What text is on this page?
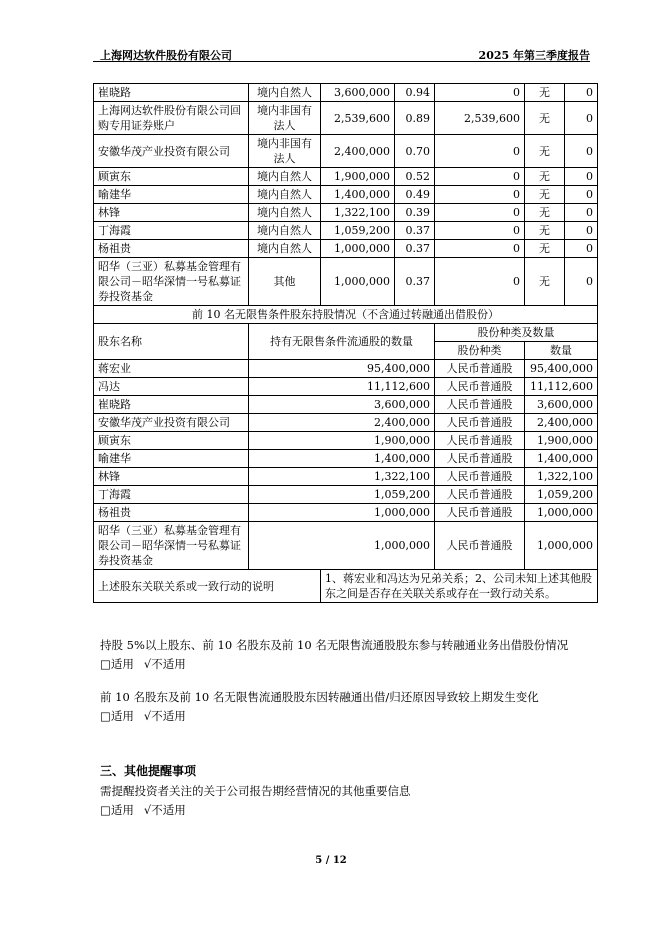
上海网达软件股份有限公司	2025 年第三季度报告
崔晓路	境内自然人	3,600,000	0.94	0	无	0
上海网达软件股份有限公司回购专用证券账户	境内非国有法人	2,539,600	0.89	2,539,600	无	0
安徽华茂产业投资有限公司	境内非国有法人	2,400,000	0.70	0	无	0
顾寅东	境内自然人	1,900,000	0.52	0	无	0
喻建华	境内自然人	1,400,000	0.49	0	无	0
林锋	境内自然人	1,322,100	0.39	0	无	0
丁海霞	境内自然人	1,059,200	0.37	0	无	0
杨祖贵	境内自然人	1,000,000	0.37	0	无	0
昭华（三亚）私募基金管理有限公司－昭华深情一号私募证券投资基金	其他	1,000,000	0.37	0	无	0
前 10 名无限售条件股东持股情况（不含通过转融通出借股份）						
股东名称	持有无限售条件流通股的数量			股份种类及数量		
				股份种类	数量	
蒋宏业	95,400,000			人民币普通股	95,400,000	
冯达	11,112,600			人民币普通股	11,112,600	
崔晓路	3,600,000			人民币普通股	3,600,000	
安徽华茂产业投资有限公司	2,400,000			人民币普通股	2,400,000	
顾寅东	1,900,000			人民币普通股	1,900,000	
喻建华	1,400,000			人民币普通股	1,400,000	
林锋	1,322,100			人民币普通股	1,322,100	
丁海霞	1,059,200			人民币普通股	1,059,200	
杨祖贵	1,000,000			人民币普通股	1,000,000	
昭华（三亚）私募基金管理有限公司－昭华深情一号私募证券投资基金	1,000,000			人民币普通股	1,000,000	
上述股东关联关系或一致行动的说明		1、蒋宏业和冯达为兄弟关系；2、公司未知上述其他股东之间是否存在关联关系或存在一致行动关系。				
持股 5%以上股东、前 10 名股东及前 10 名无限售流通股股东参与转融通业务出借股份情况
□适用 √不适用
前 10 名股东及前 10 名无限售流通股股东因转融通出借/归还原因导致较上期发生变化
□适用 √不适用
三、其他提醒事项
需提醒投资者关注的关于公司报告期经营情况的其他重要信息
□适用 √不适用
5 / 12
